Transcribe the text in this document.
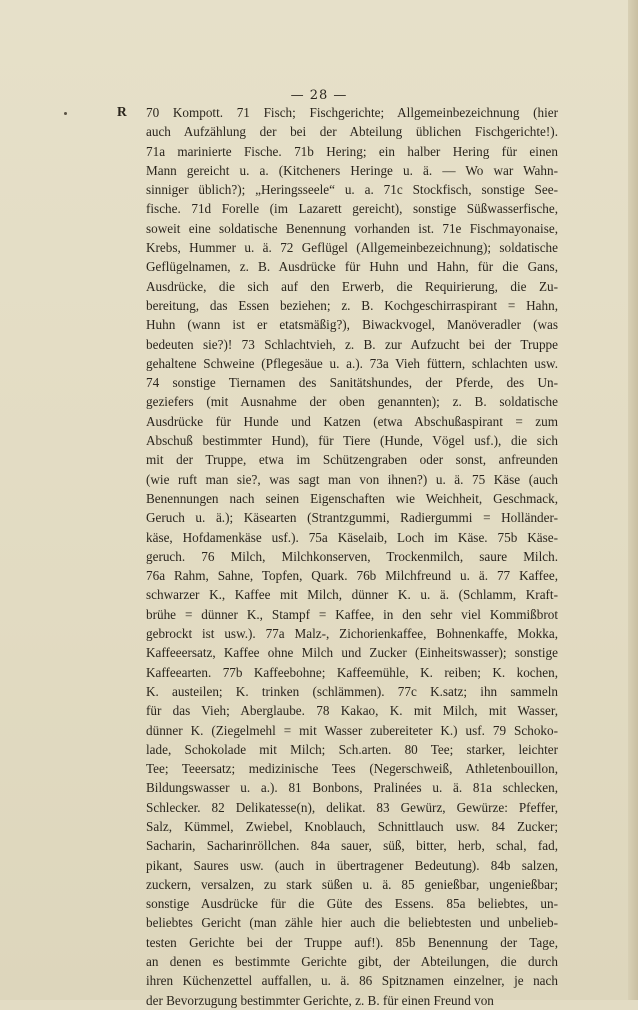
— 28 —
R 70 Kompott. 71 Fisch; Fischgerichte; Allgemeinbezeichnung (hier
auch Aufzählung der bei der Abteilung üblichen Fischgerichte!).
71a marinierte Fische. 71b Hering; ein halber Hering für einen
Mann gereicht u. a. (Kitcheners Heringe u. ä. — Wo war Wahn-
sinniger üblich?); „Heringsseele“ u. a. 71c Stockfisch, sonstige See-
fische. 71d Forelle (im Lazarett gereicht), sonstige Süßwasserfische,
soweit eine soldatische Benennung vorhanden ist. 71e Fischmayonaise,
Krebs, Hummer u. ä. 72 Geflügel (Allgemeinbezeichnung); soldatische
Geflügelnamen, z. B. Ausdrücke für Huhn und Hahn, für die Gans,
Ausdrücke, die sich auf den Erwerb, die Requirierung, die Zu-
bereitung, das Essen beziehen; z. B. Kochgeschirraspirant = Hahn,
Huhn (wann ist er etatsmäßig?), Biwackvogel, Manöveradler (was
bedeuten sie?)! 73 Schlachtvieh, z. B. zur Aufzucht bei der Truppe
gehaltene Schweine (Pflegesäue u. a.). 73a Vieh füttern, schlachten usw.
74 sonstige Tiernamen des Sanitätshundes, der Pferde, des Un-
geziefers (mit Ausnahme der oben genannten); z. B. soldatische
Ausdrücke für Hunde und Katzen (etwa Abschußaspirant = zum
Abschuß bestimmter Hund), für Tiere (Hunde, Vögel usf.), die sich
mit der Truppe, etwa im Schützengraben oder sonst, anfreunden
(wie ruft man sie?, was sagt man von ihnen?) u. ä. 75 Käse (auch
Benennungen nach seinen Eigenschaften wie Weichheit, Geschmack,
Geruch u. ä.); Käsearten (Strantzgummi, Radiergummi = Holländer-
käse, Hofdamenkäse usf.). 75a Käselaib, Loch im Käse. 75b Käse-
geruch. 76 Milch, Milchkonserven, Trockenmilch, saure Milch.
76a Rahm, Sahne, Topfen, Quark. 76b Milchfreund u. ä. 77 Kaffee,
schwarzer K., Kaffee mit Milch, dünner K. u. ä. (Schlamm, Kraft-
brühe = dünner K., Stampf = Kaffee, in den sehr viel Kommißbrot
gebrockt ist usw.). 77a Malz-, Zichorienkaffee, Bohnenkaffe, Mokka,
Kaffeeersatz, Kaffee ohne Milch und Zucker (Einheitswasser); sonstige
Kaffeearten. 77b Kaffeebohne; Kaffeemühle, K. reiben; K. kochen,
K. austeilen; K. trinken (schlämmen). 77c K.satz; ihn sammeln
für das Vieh; Aberglaube. 78 Kakao, K. mit Milch, mit Wasser,
dünner K. (Ziegelmehl = mit Wasser zubereiteter K.) usf. 79 Schoko-
lade, Schokolade mit Milch; Sch.arten. 80 Tee; starker, leichter
Tee; Teeersatz; medizinische Tees (Negerschweiß, Athletenbouillon,
Bildungswasser u. a.). 81 Bonbons, Pralinées u. ä. 81a schlecken,
Schlecker. 82 Delikatesse(n), delikat. 83 Gewürz, Gewürze: Pfeffer,
Salz, Kümmel, Zwiebel, Knoblauch, Schnittlauch usw. 84 Zucker;
Sacharin, Sacharinröllchen. 84a sauer, süß, bitter, herb, schal, fad,
pikant, Saures usw. (auch in übertragener Bedeutung). 84b salzen,
zuckern, versalzen, zu stark süßen u. ä. 85 genießbar, ungenießbar;
sonstige Ausdrücke für die Güte des Essens. 85a beliebtes, un-
beliebtes Gericht (man zähle hier auch die beliebtesten und unbelieb-
testen Gerichte bei der Truppe auf!). 85b Benennung der Tage,
an denen es bestimmte Gerichte gibt, der Abteilungen, die durch
ihren Küchenzettel auffallen, u. ä. 86 Spitznamen einzelner, je nach
der Bevorzugung bestimmter Gerichte, z. B. für einen Freund von
